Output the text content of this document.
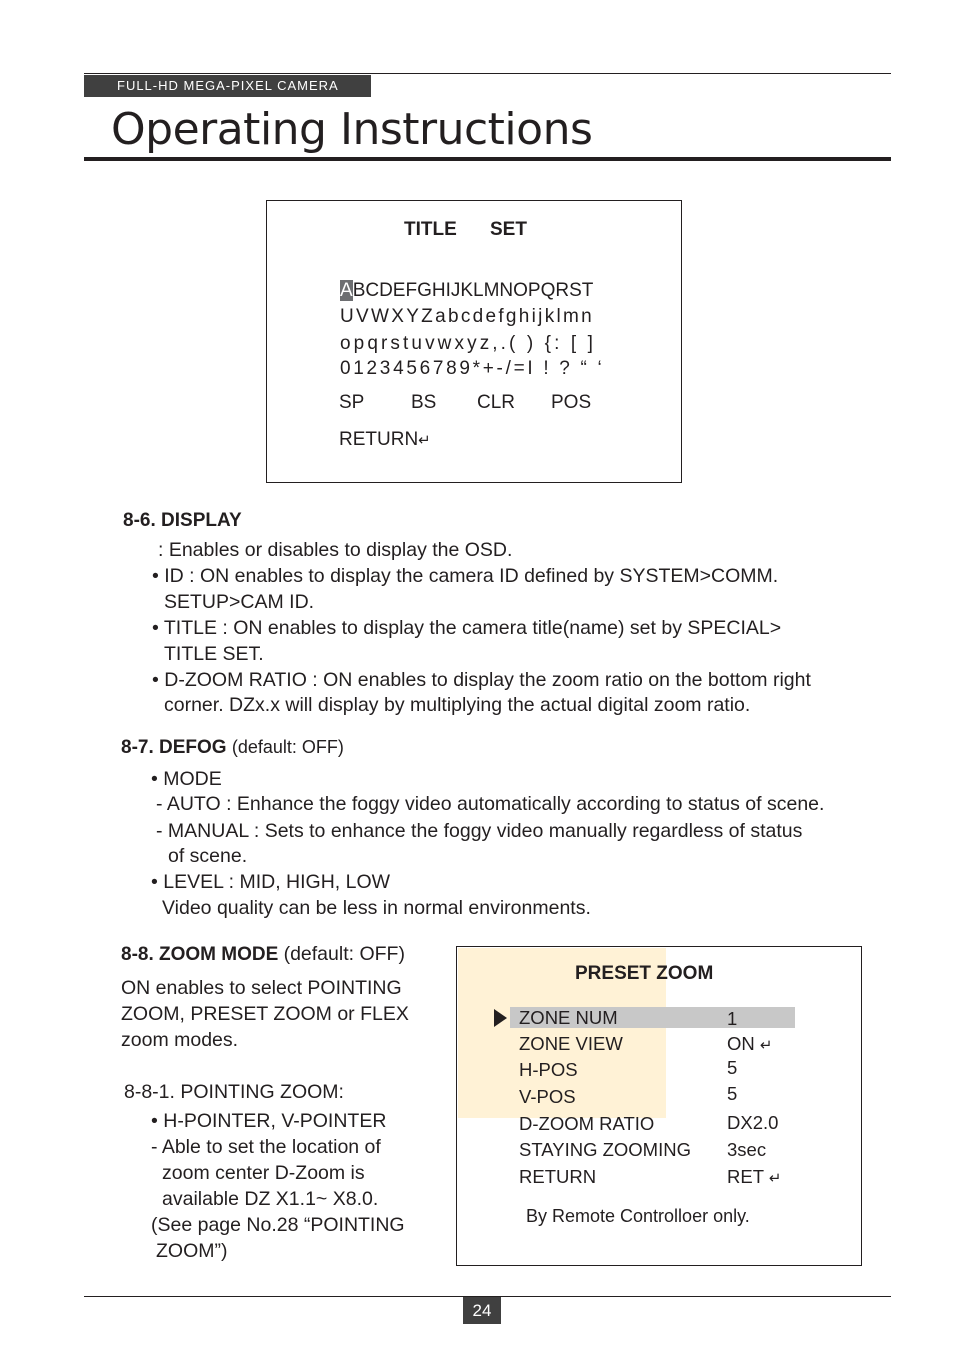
FULL-HD MEGA-PIXEL CAMERA
Operating Instructions
TITLE SET
ABCDEFGHIJKLMNOPQRST
UVWXYZabcdefghijklmn
opqrstuvwxyz,.( ) {: [ ]
0123456789*+-/=I ! ? “ ‘
SP BS CLR POS
RETURN↵
8-6. DISPLAY
: Enables or disables to display the OSD.
• ID : ON enables to display the camera ID defined by SYSTEM>COMM.
SETUP>CAM ID.
• TITLE : ON enables to display the camera title(name) set by SPECIAL>
TITLE SET.
• D-ZOOM RATIO : ON enables to display the zoom ratio on the bottom right
corner. DZx.x will display by multiplying the actual digital zoom ratio.
8-7. DEFOG (default: OFF)
• MODE
- AUTO : Enhance the foggy video automatically according to status of scene.
- MANUAL : Sets to enhance the foggy video manually regardless of status
of scene.
• LEVEL : MID, HIGH, LOW
Video quality can be less in normal environments.
8-8. ZOOM MODE (default: OFF)
ON enables to select POINTING
ZOOM, PRESET ZOOM or FLEX
zoom modes.
8-8-1. POINTING ZOOM:
• H-POINTER, V-POINTER
- Able to set the location of
zoom center D-Zoom is
available DZ X1.1~ X8.0.
(See page No.28 “POINTING
ZOOM”)
PRESET ZOOM
ZONE NUM	1
ZONE VIEW	ON ↵
H-POS	5
V-POS	5
D-ZOOM RATIO	DX2.0
STAYING ZOOMING 3sec
RETURN	RET ↵
By Remote Controlloer only.
24
